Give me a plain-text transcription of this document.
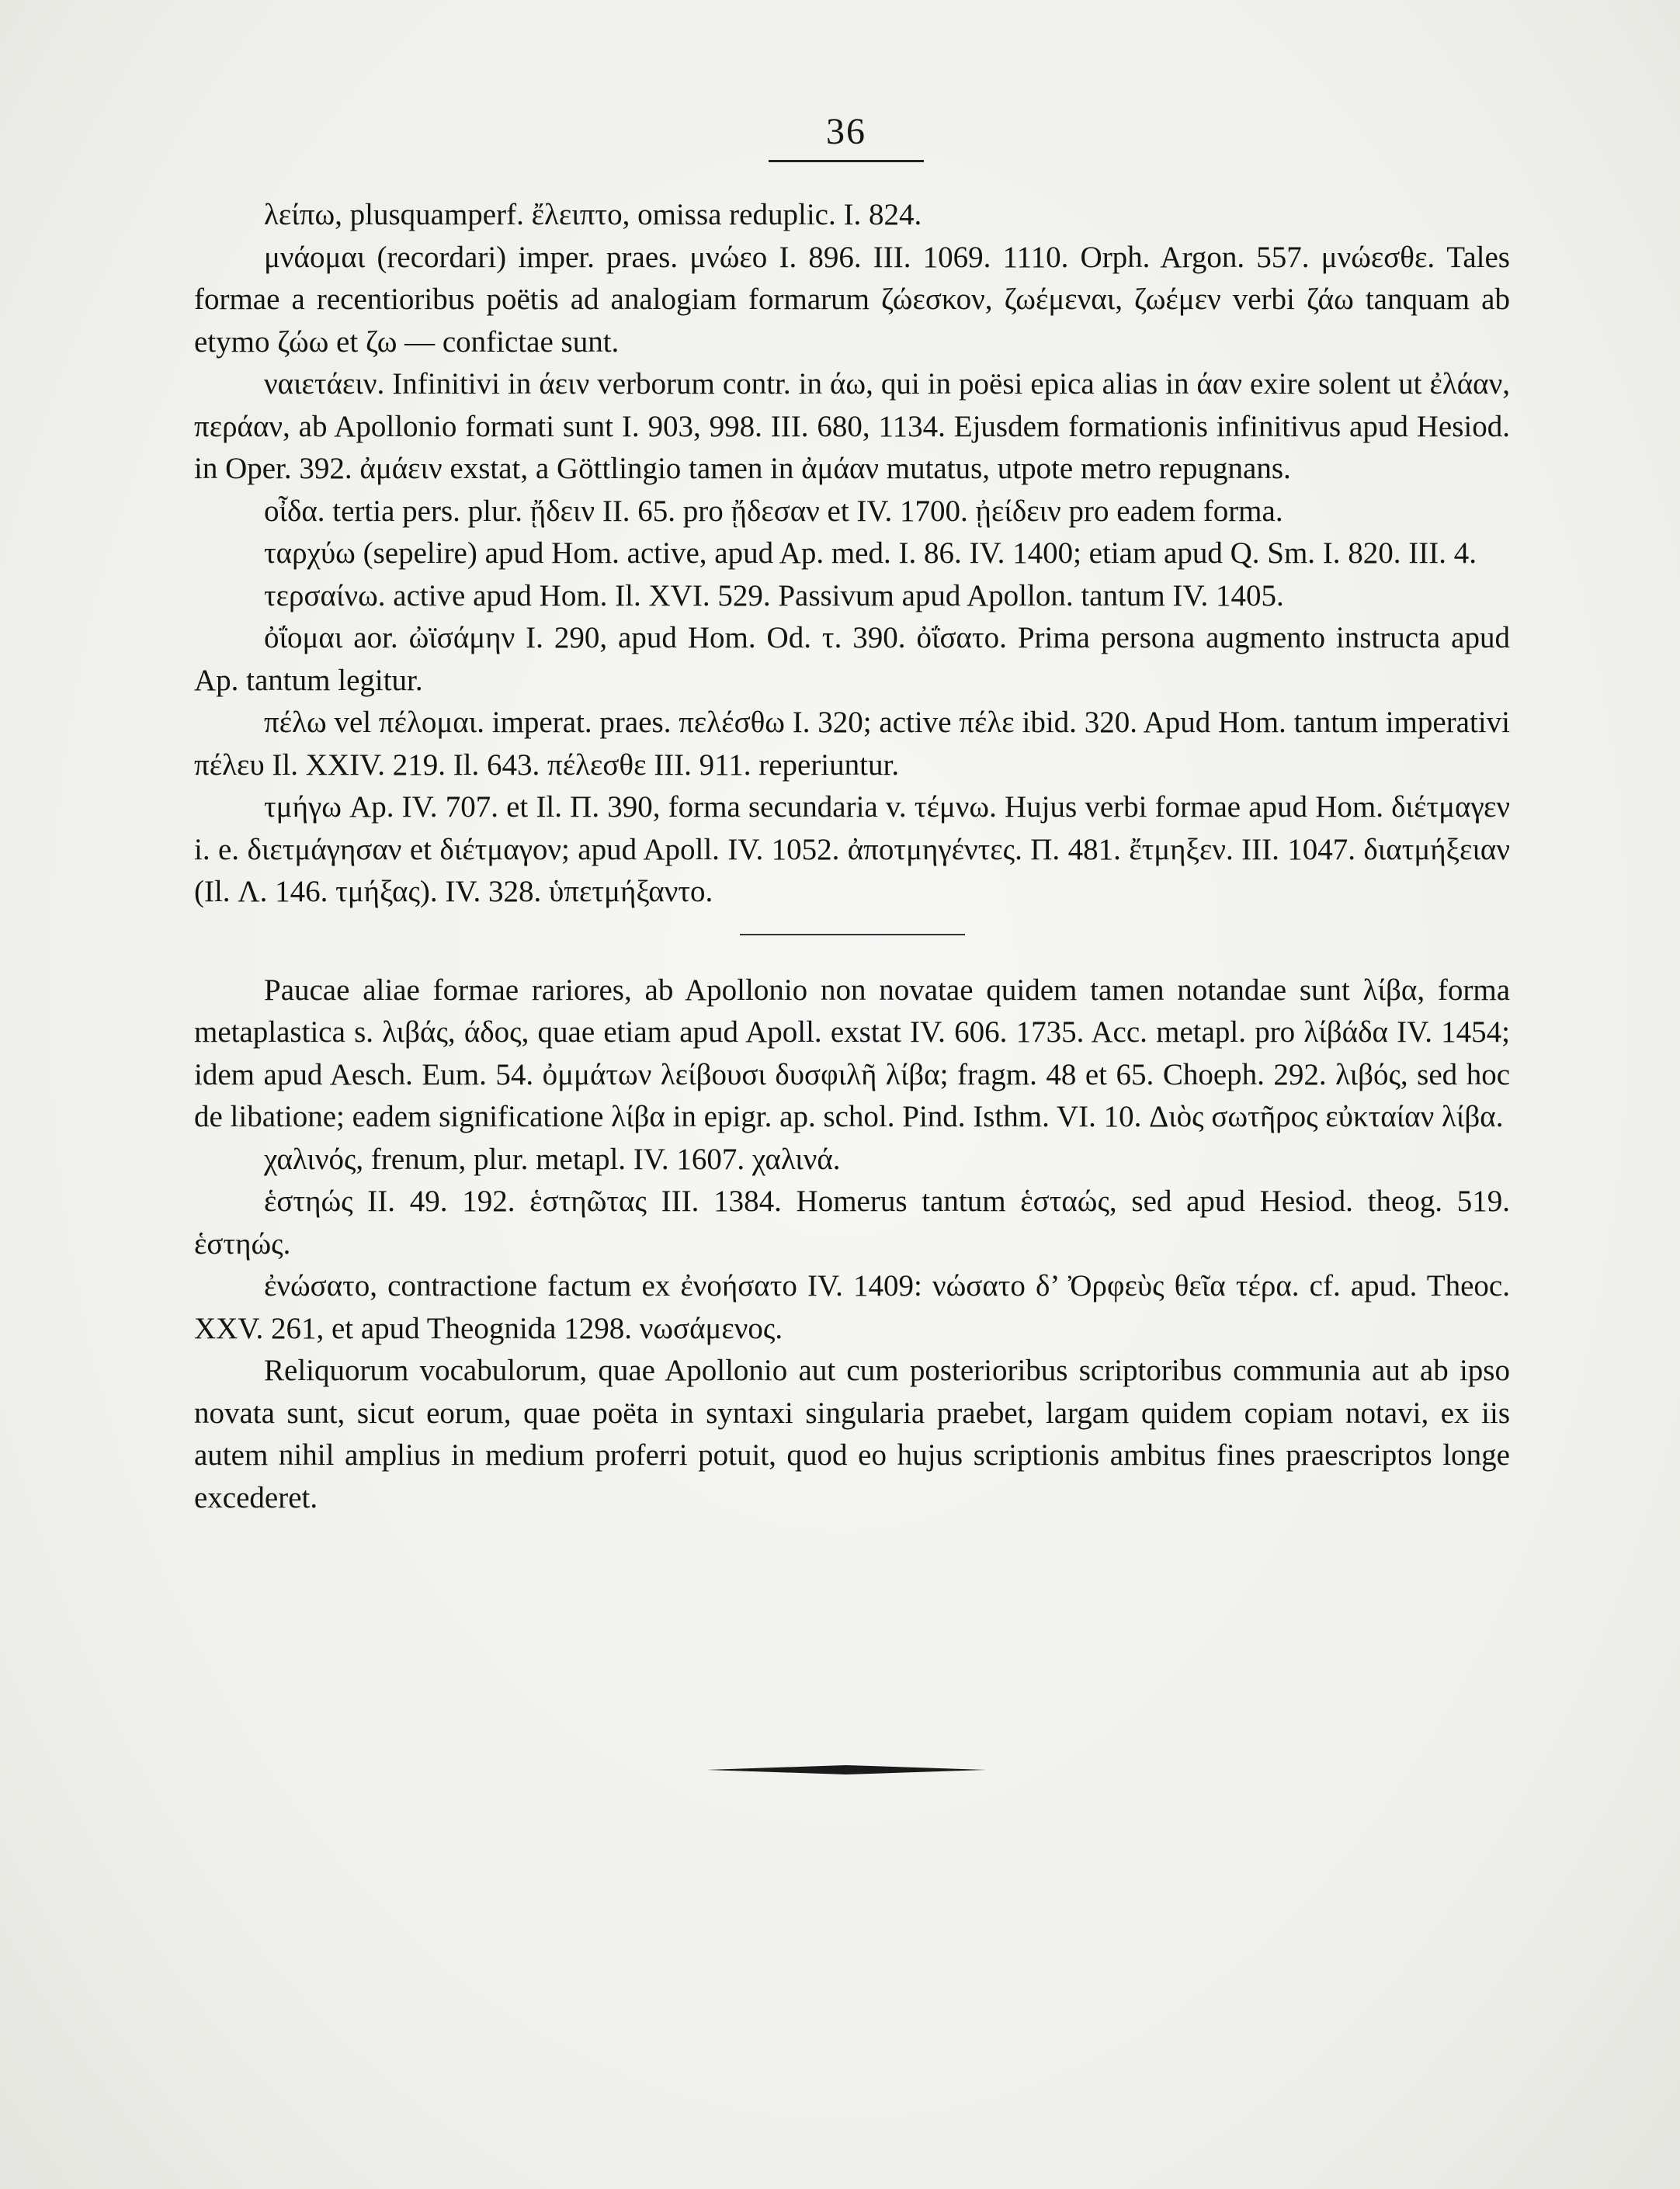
36

λείπω, plusquamperf. ἔλειπτο, omissa reduplic. I. 824.

μνάομαι (recordari) imper. praes. μνώεο I. 896. III. 1069. 1110. Orph. Argon. 557. μνώεσθε. Tales formae a recentioribus poëtis ad analogiam formarum ζώεσκον, ζωέμεναι, ζωέμεν verbi ζάω tanquam ab etymo ζώω et ζω — confictae sunt.

ναιετάειν. Infinitivi in άειν verborum contr. in άω, qui in poësi epica alias in άαν exire solent ut ἐλάαν, περάαν, ab Apollonio formati sunt I. 903, 998. III. 680, 1134. Ejusdem formationis infinitivus apud Hesiod. in Oper. 392. ἀμάειν exstat, a Göttlingio tamen in ἀμάαν mutatus, utpote metro repugnans.

οἶδα. tertia pers. plur. ᾔδειν II. 65. pro ᾔδεσαν et IV. 1700. ᾐείδειν pro eadem forma.

ταρχύω (sepelire) apud Hom. active, apud Ap. med. I. 86. IV. 1400; etiam apud Q. Sm. I. 820. III. 4.

τερσαίνω. active apud Hom. Il. XVI. 529. Passivum apud Apollon. tantum IV. 1405.

ὀΐομαι aor. ὠϊσάμην I. 290, apud Hom. Od. τ. 390. ὀΐσατο. Prima persona augmento instructa apud Ap. tantum legitur.

πέλω vel πέλομαι. imperat. praes. πελέσθω I. 320; active πέλε ibid. 320. Apud Hom. tantum imperativi πέλευ Il. XXIV. 219. Il. 643. πέλεσθε III. 911. reperiuntur.

τμήγω Ap. IV. 707. et Il. Π. 390, forma secundaria v. τέμνω. Hujus verbi formae apud Hom. διέτμαγεν i. e. διετμάγησαν et διέτμαγον; apud Apoll. IV. 1052. ἀποτμηγέντες. Π. 481. ἔτμηξεν. III. 1047. διατμήξειαν (Il. Λ. 146. τμήξας). IV. 328. ὑπετμήξαντο.

Paucae aliae formae rariores, ab Apollonio non novatae quidem tamen notandae sunt λίβα, forma metaplastica s. λιβάς, άδος, quae etiam apud Apoll. exstat IV. 606. 1735. Acc. metapl. pro λίβάδα IV. 1454; idem apud Aesch. Eum. 54. ὀμμάτων λείβουσι δυσφιλῆ λίβα; fragm. 48 et 65. Choeph. 292. λιβός, sed hoc de libatione; eadem significatione λίβα in epigr. ap. schol. Pind. Isthm. VI. 10. Διὸς σωτῆρος εὐκταίαν λίβα.

χαλινός, frenum, plur. metapl. IV. 1607. χαλινά.

ἑστηώς II. 49. 192. ἑστηῶτας III. 1384. Homerus tantum ἑσταώς, sed apud Hesiod. theog. 519. ἑστηώς.

ἐνώσατο, contractione factum ex ἐνοήσατο IV. 1409: νώσατο δ’ Ὀρφεὺς θεῖα τέρα. cf. apud. Theoc. XXV. 261, et apud Theognida 1298. νωσάμενος.

Reliquorum vocabulorum, quae Apollonio aut cum posterioribus scriptoribus communia aut ab ipso novata sunt, sicut eorum, quae poëta in syntaxi singularia praebet, largam quidem copiam notavi, ex iis autem nihil amplius in medium proferri potuit, quod eo hujus scriptionis ambitus fines praescriptos longe excederet.
